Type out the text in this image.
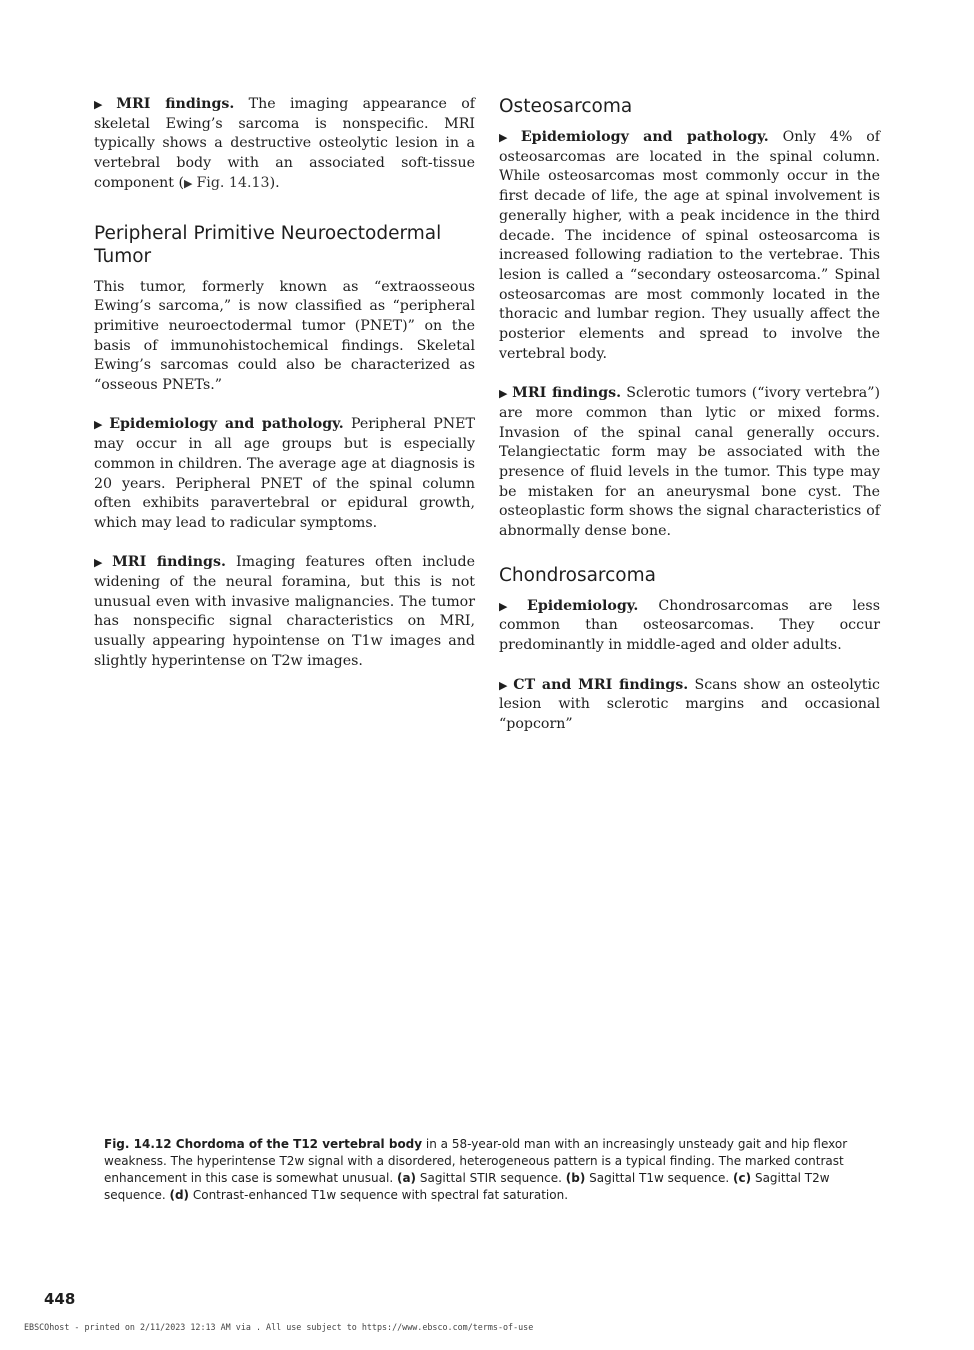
▶ MRI findings. The imaging appearance of skeletal Ewing’s sarcoma is nonspecific. MRI typically shows a destructive osteolytic lesion in a vertebral body with an associated soft-tissue component (▶ Fig. 14.13).

Peripheral Primitive Neuroectodermal Tumor

This tumor, formerly known as “extraosseous Ewing’s sarcoma,” is now classified as “peripheral primitive neuroectodermal tumor (PNET)” on the basis of immunohistochemical findings. Skeletal Ewing’s sarcomas could also be characterized as “osseous PNETs.”

▶ Epidemiology and pathology. Peripheral PNET may occur in all age groups but is especially common in children. The average age at diagnosis is 20 years. Peripheral PNET of the spinal column often exhibits paravertebral or epidural growth, which may lead to radicular symptoms.

▶ MRI findings. Imaging features often include widening of the neural foramina, but this is not unusual even with invasive malignancies. The tumor has nonspecific signal characteristics on MRI, usually appearing hypointense on T1w images and slightly hyperintense on T2w images.

Osteosarcoma

▶ Epidemiology and pathology. Only 4% of osteosarcomas are located in the spinal column. While osteosarcomas most commonly occur in the first decade of life, the age at spinal involvement is generally higher, with a peak incidence in the third decade. The incidence of spinal osteosarcoma is increased following radiation to the vertebrae. This lesion is called a “secondary osteosarcoma.” Spinal osteosarcomas are most commonly located in the thoracic and lumbar region. They usually affect the posterior elements and spread to involve the vertebral body.

▶ MRI findings. Sclerotic tumors (“ivory vertebra”) are more common than lytic or mixed forms. Invasion of the spinal canal generally occurs. Telangiectatic form may be associated with the presence of fluid levels in the tumor. This type may be mistaken for an aneurysmal bone cyst. The osteoplastic form shows the signal characteristics of abnormally dense bone.

Chondrosarcoma

▶ Epidemiology. Chondrosarcomas are less common than osteosarcomas. They occur predominantly in middle-aged and older adults.

▶ CT and MRI findings. Scans show an osteolytic lesion with sclerotic margins and occasional “popcorn”

Fig. 14.12 Chordoma of the T12 vertebral body in a 58-year-old man with an increasingly unsteady gait and hip flexor weakness. The hyperintense T2w signal with a disordered, heterogeneous pattern is a typical finding. The marked contrast enhancement in this case is somewhat unusual. (a) Sagittal STIR sequence. (b) Sagittal T1w sequence. (c) Sagittal T2w sequence. (d) Contrast-enhanced T1w sequence with spectral fat saturation.
448
EBSCOhost - printed on 2/11/2023 12:13 AM via . All use subject to https://www.ebsco.com/terms-of-use
